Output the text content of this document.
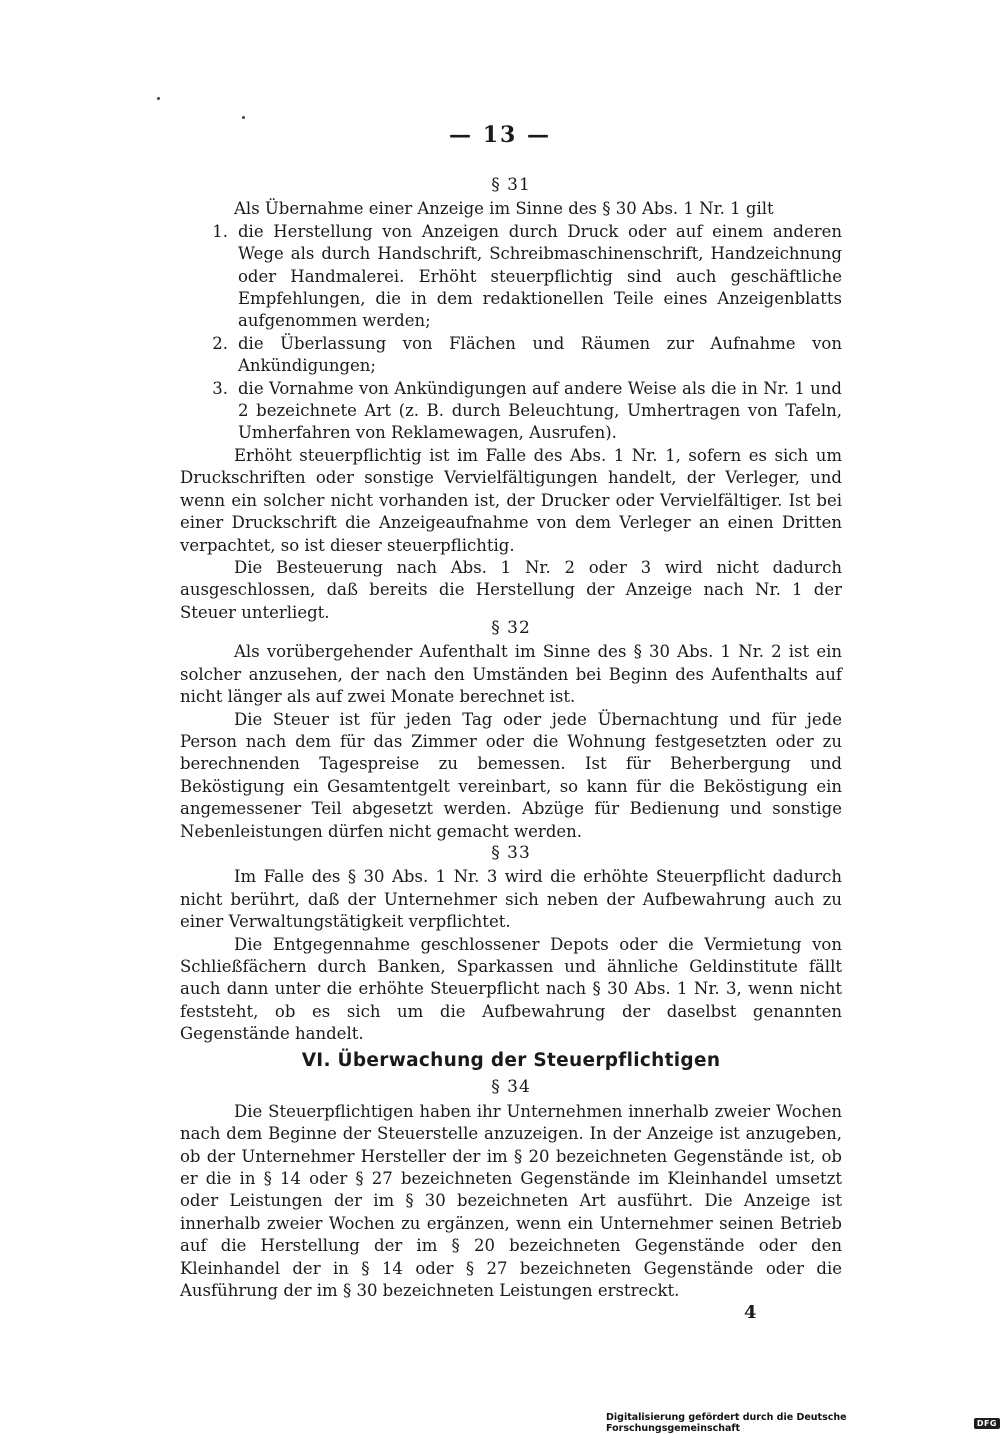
— 13 —

§ 31

Als Übernahme einer Anzeige im Sinne des § 30 Abs. 1 Nr. 1 gilt

1. die Herstellung von Anzeigen durch Druck oder auf einem anderen Wege als durch Handschrift, Schreibmaschinenschrift, Handzeichnung oder Handmalerei. Erhöht steuerpflichtig sind auch geschäftliche Empfehlungen, die in dem redaktionellen Teile eines Anzeigenblatts aufgenommen werden;
2. die Überlassung von Flächen und Räumen zur Aufnahme von Ankündigungen;
3. die Vornahme von Ankündigungen auf andere Weise als die in Nr. 1 und 2 bezeichnete Art (z. B. durch Beleuchtung, Umhertragen von Tafeln, Umherfahren von Reklamewagen, Ausrufen).

Erhöht steuerpflichtig ist im Falle des Abs. 1 Nr. 1, sofern es sich um Druckschriften oder sonstige Vervielfältigungen handelt, der Verleger, und wenn ein solcher nicht vorhanden ist, der Drucker oder Vervielfältiger. Ist bei einer Druckschrift die Anzeigeaufnahme von dem Verleger an einen Dritten verpachtet, so ist dieser steuerpflichtig.

Die Besteuerung nach Abs. 1 Nr. 2 oder 3 wird nicht dadurch ausgeschlossen, daß bereits die Herstellung der Anzeige nach Nr. 1 der Steuer unterliegt.

§ 32

Als vorübergehender Aufenthalt im Sinne des § 30 Abs. 1 Nr. 2 ist ein solcher anzusehen, der nach den Umständen bei Beginn des Aufenthalts auf nicht länger als auf zwei Monate berechnet ist.

Die Steuer ist für jeden Tag oder jede Übernachtung und für jede Person nach dem für das Zimmer oder die Wohnung festgesetzten oder zu berechnenden Tagespreise zu bemessen. Ist für Beherbergung und Beköstigung ein Gesamtentgelt vereinbart, so kann für die Beköstigung ein angemessener Teil abgesetzt werden. Abzüge für Bedienung und sonstige Nebenleistungen dürfen nicht gemacht werden.

§ 33

Im Falle des § 30 Abs. 1 Nr. 3 wird die erhöhte Steuerpflicht dadurch nicht berührt, daß der Unternehmer sich neben der Aufbewahrung auch zu einer Verwaltungstätigkeit verpflichtet.

Die Entgegennahme geschlossener Depots oder die Vermietung von Schließfächern durch Banken, Sparkassen und ähnliche Geldinstitute fällt auch dann unter die erhöhte Steuerpflicht nach § 30 Abs. 1 Nr. 3, wenn nicht feststeht, ob es sich um die Aufbewahrung der daselbst genannten Gegenstände handelt.

VI. Überwachung der Steuerpflichtigen

§ 34

Die Steuerpflichtigen haben ihr Unternehmen innerhalb zweier Wochen nach dem Beginne der Steuerstelle anzuzeigen. In der Anzeige ist anzugeben, ob der Unternehmer Hersteller der im § 20 bezeichneten Gegenstände ist, ob er die in § 14 oder § 27 bezeichneten Gegenstände im Kleinhandel umsetzt oder Leistungen der im § 30 bezeichneten Art ausführt. Die Anzeige ist innerhalb zweier Wochen zu ergänzen, wenn ein Unternehmer seinen Betrieb auf die Herstellung der im § 20 bezeichneten Gegenstände oder den Kleinhandel der in § 14 oder § 27 bezeichneten Gegenstände oder die Ausführung der im § 30 bezeichneten Leistungen erstreckt.

4
Digitalisierung gefördert durch die Deutsche Forschungsgemeinschaft	DFG
